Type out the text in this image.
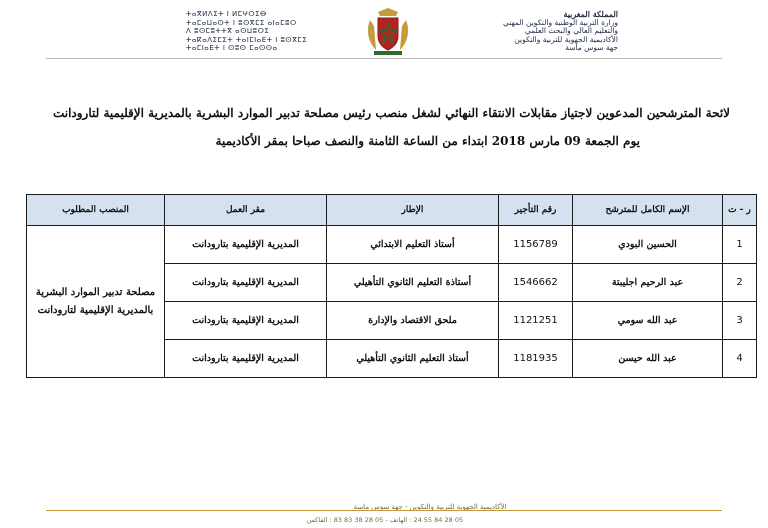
المملكة المغربية
وزارة التربية الوطنية والتكوين المهني
والتعليم العالي والبحث العلمي
الأكاديمية الجهوية للتربية والتكوين
جهة سوس ماسة
ⵜⴰⴳⵍⴷⵉⵜ ⵏ ⵍⵎⵖⵔⵉⴱ
ⵜⴰⵎⴰⵡⴰⵙⵜ ⵏ ⵓⵙⴳⵎⵉ ⴰⵏⴰⵎⵓⵔ
ⴷ ⵓⵙⵎⵓⵜⵜⴳ ⴰⵙⵡⵓⵔⵉ
ⵜⴰⴽⴰⴷⵉⵎⵉⵜ ⵜⴰⵏⵎⵏⴰⴹⵜ ⵏ ⵓⵙⴳⵎⵉ
ⵜⴰⵎⵏⴰⴹⵜ ⵏ ⵙⵓⵙ ⵎⴰⵙⵙⴰ
لائحة المترشحين المدعوين لاجتياز مقابلات الانتقاء النهائي لشغل منصب رئيس مصلحة تدبير الموارد البشرية بالمديرية الإقليمية لتارودانت
يوم الجمعة 09 مارس 2018 ابتداء من الساعة الثامنة والنصف صباحا بمقر الأكاديمية
ر - ت	الإسم الكامل للمترشح	رقم التأجير	الإطار	مقر العمل	المنصب المطلوب
1	الحسين البودي	1156789	أستاذ التعليم الابتدائي	المديرية الإقليمية بتارودانت	مصلحة تدبير الموارد البشرية بالمديرية الإقليمية لتارودانت
2	عبد الرحيم اجليبتة	1546662	أستاذة التعليم الثانوي التأهيلي	المديرية الإقليمية بتارودانت	
3	عبد الله سومي	1121251	ملحق الاقتصاد والإدارة	المديرية الإقليمية بتارودانت	
4	عبد الله حيسن	1181935	أستاذ التعليم الثانوي التأهيلي	المديرية الإقليمية بتارودانت	
الأكاديمية الجهوية للتربية والتكوين - جهة سوس ماسة
05 28 84 55 24 : الهاتف - 05 28 38 83 83 : الفاكس
